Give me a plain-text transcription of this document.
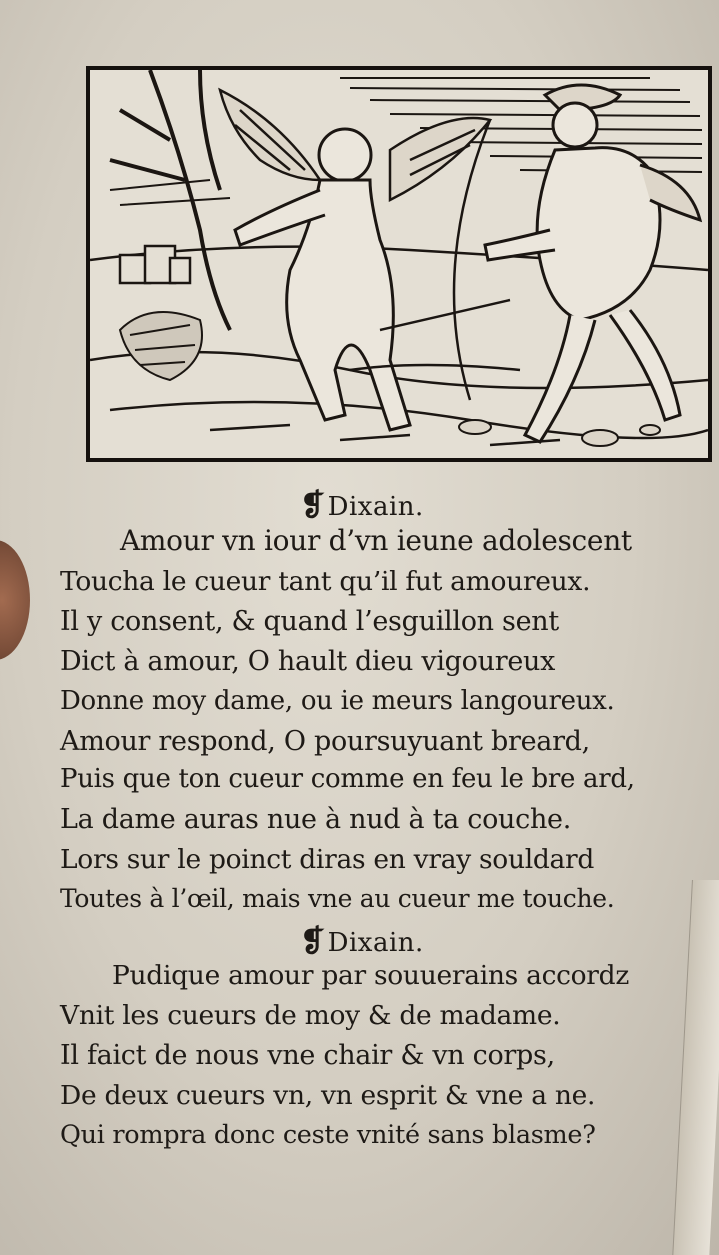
❡Dixain.
Amour vn iour d’vn ieune adolescent
Toucha le cueur tant qu’il fut amoureux.
Il y consent, & quand l’esguillon sent
Dict à amour, O hault dieu vigoureux
Donne moy dame, ou ie meurs langoureux.
Amour respond, O poursuyuant breard,
Puis que ton cueur comme en feu le bre ard,
La dame auras nue à nud à ta couche.
Lors sur le poinct diras en vray souldard
Toutes à l’œil, mais vne au cueur me touche.
❡Dixain.
Pudique amour par souuerains accordz
Vnit les cueurs de moy & de madame.
Il faict de nous vne chair & vn corps,
De deux cueurs vn, vn esprit & vne a ne.
Qui rompra donc ceste vnité sans blasme?
